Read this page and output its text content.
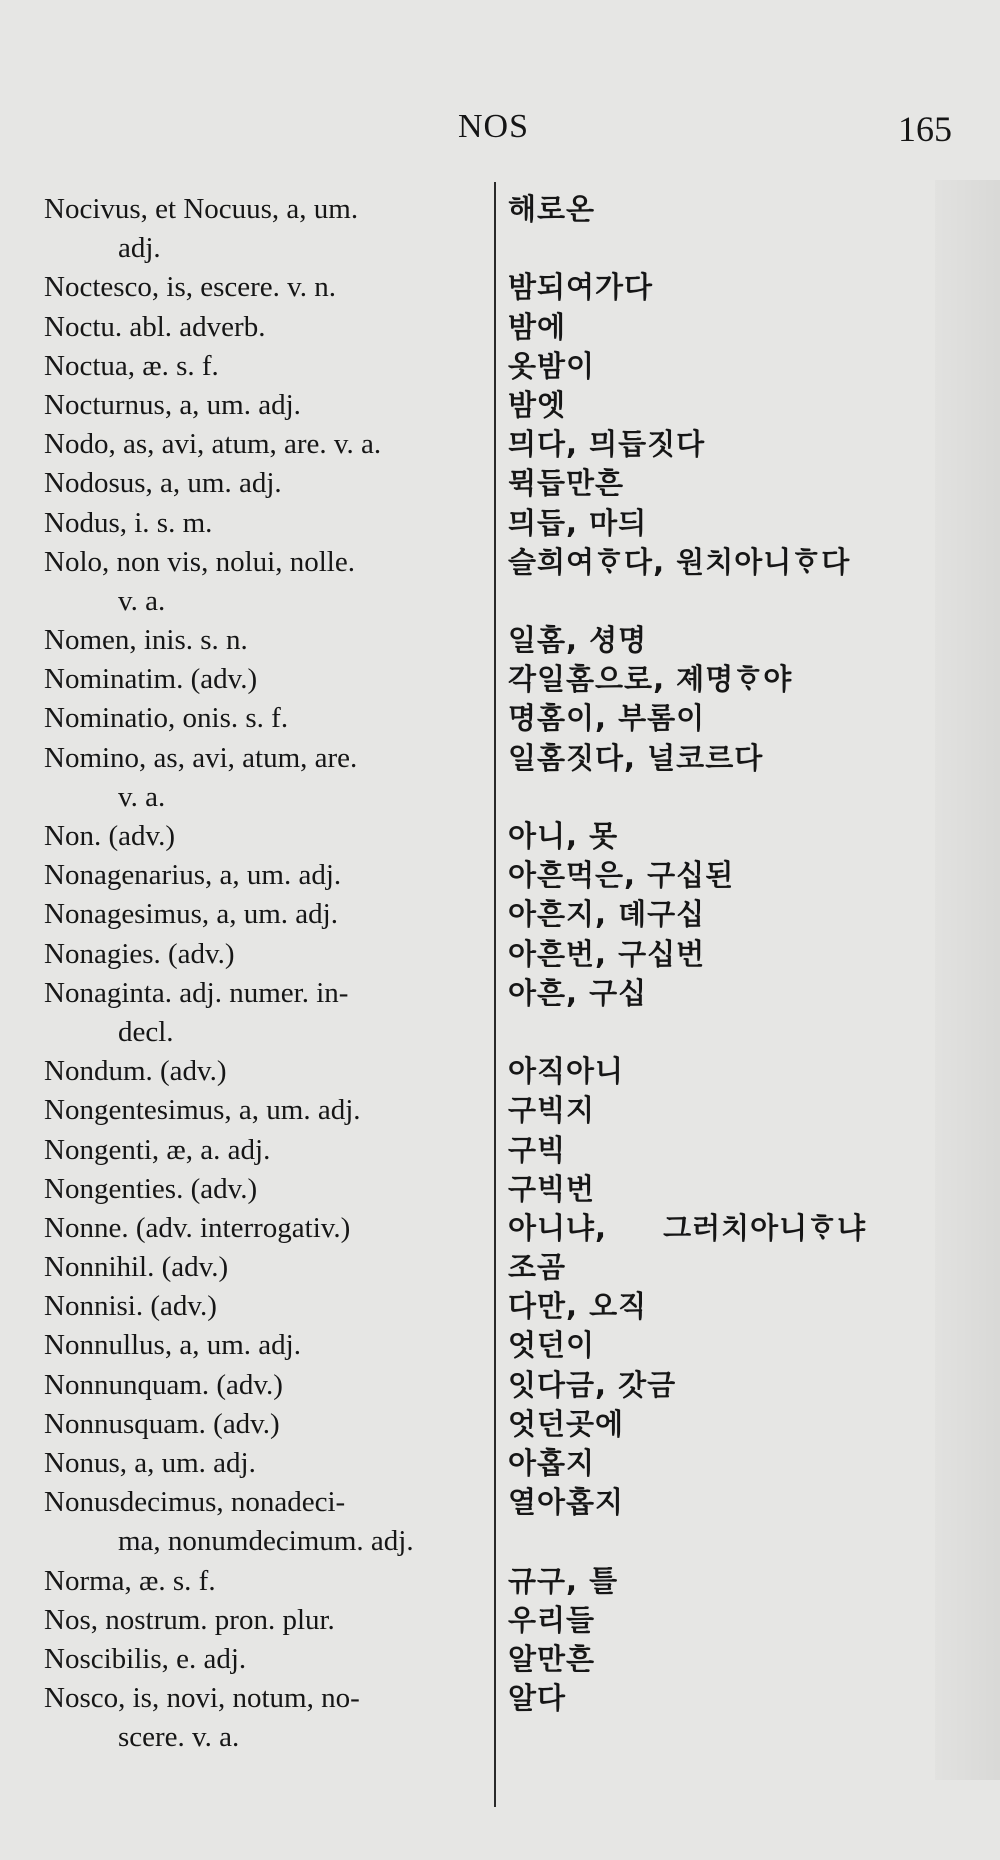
NOS	165
Nocivus, et Nocuus, a, um.
adj.
Noctesco, is, escere. v. n.
Noctu. abl. adverb.
Noctua, æ. s. f.
Nocturnus, a, um. adj.
Nodo, as, avi, atum, are. v. a.
Nodosus, a, um. adj.
Nodus, i. s. m.
Nolo, non vis, nolui, nolle.
v. a.
Nomen, inis. s. n.
Nominatim. (adv.)
Nominatio, onis. s. f.
Nomino, as, avi, atum, are.
v. a.
Non. (adv.)
Nonagenarius, a, um. adj.
Nonagesimus, a, um. adj.
Nonagies. (adv.)
Nonaginta. adj. numer. in-
decl.
Nondum. (adv.)
Nongentesimus, a, um. adj.
Nongenti, æ, a. adj.
Nongenties. (adv.)
Nonne. (adv. interrogativ.)
Nonnihil. (adv.)
Nonnisi. (adv.)
Nonnullus, a, um. adj.
Nonnunquam. (adv.)
Nonnusquam. (adv.)
Nonus, a, um. adj.
Nonusdecimus, nonadeci-
ma, nonumdecimum. adj.
Norma, æ. s. f.
Nos, nostrum. pron. plur.
Noscibilis, e. adj.
Nosco, is, novi, notum, no-
scere. v. a.
해로온
밤되여가다
밤에
옷밤이
밤엣
믜다, 믜듭짓다
뮉듭만흔
믜듭, 마듸
슬희여ᄒᆞ다, 원치아니ᄒᆞ다
일홈, 셩명
각일홈으로, 졔명ᄒᆞ야
명홈이, 부롬이
일홈짓다, 널코르다
아니, 못
아흔먹은, 구십된
아흔지, 뎨구십
아흔번, 구십번
아흔, 구십
아직아니
구빅지
구빅
구빅번
아니냐, 그러치아니ᄒᆞ냐
조곰
다만, 오직
엇던이
잇다금, 갓금
엇던곳에
아홉지
열아홉지
규구, 틀
우리들
알만흔
알다
